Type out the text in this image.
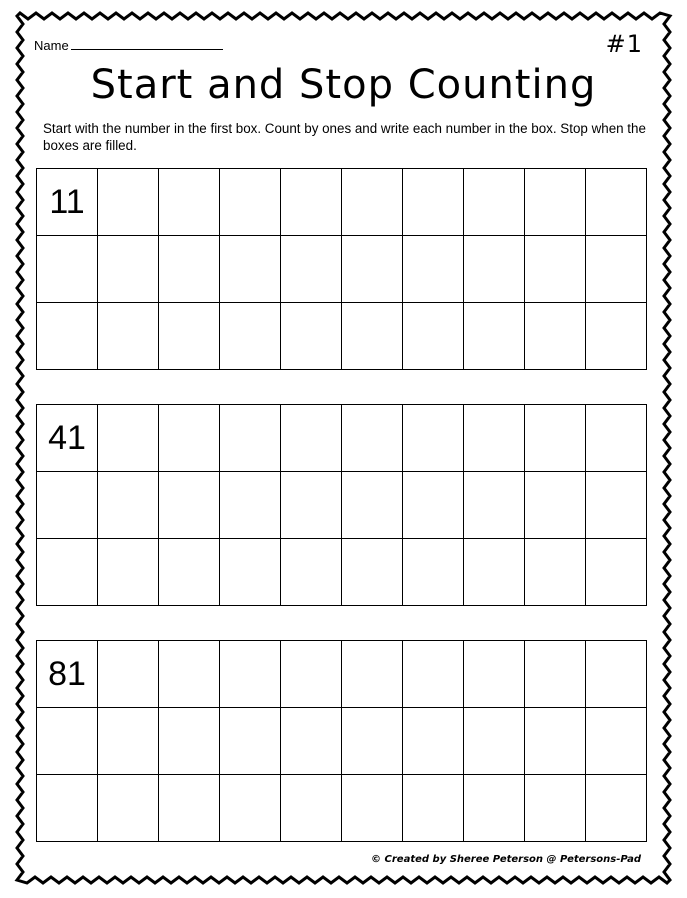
Name	#1
Start and Stop Counting
Start with the number in the first box. Count by ones and write each number in the box. Stop when the boxes are filled.
11									

41									

81									

© Created by Sheree Peterson @ Petersons-Pad
